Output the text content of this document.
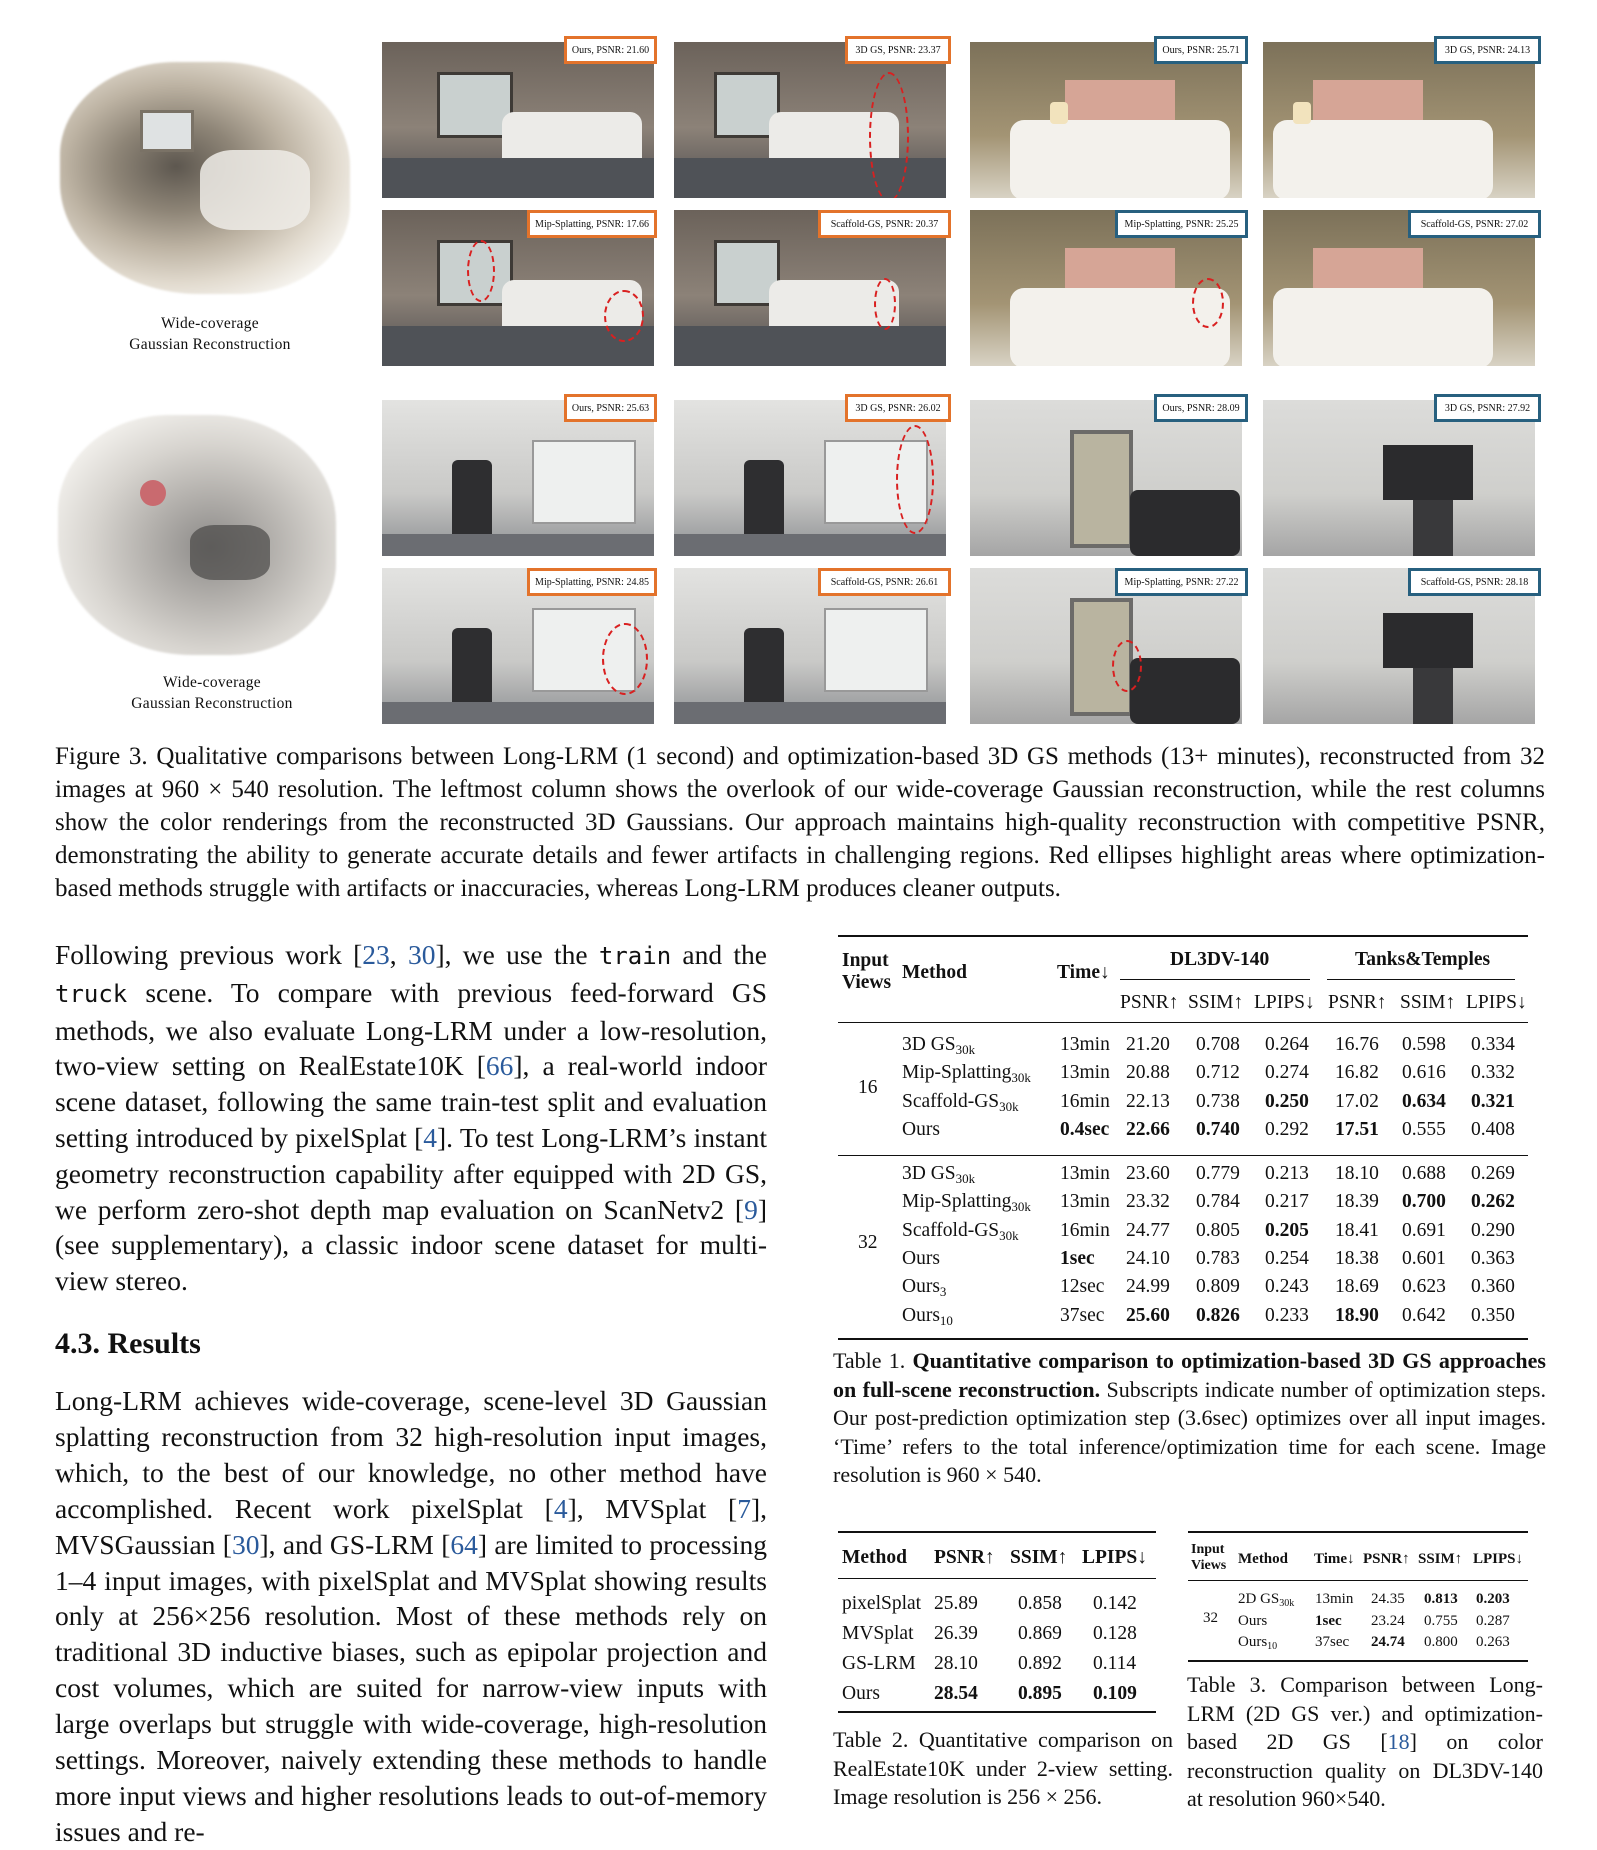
Wide-coverage
Gaussian Reconstruction
Wide-coverage
Gaussian Reconstruction
Ours, PSNR: 21.60	3D GS, PSNR: 23.37	Ours, PSNR: 25.71	3D GS, PSNR: 24.13
Mip-Splatting, PSNR: 17.66	Scaffold-GS, PSNR: 20.37	Mip-Splatting, PSNR: 25.25	Scaffold-GS, PSNR: 27.02
Ours, PSNR: 25.63	3D GS, PSNR: 26.02	Ours, PSNR: 28.09	3D GS, PSNR: 27.92
Mip-Splatting, PSNR: 24.85	Scaffold-GS, PSNR: 26.61	Mip-Splatting, PSNR: 27.22	Scaffold-GS, PSNR: 28.18
Figure 3. Qualitative comparisons between Long-LRM (1 second) and optimization-based 3D GS methods (13+ minutes), reconstructed from 32 images at 960 × 540 resolution. The leftmost column shows the overlook of our wide-coverage Gaussian reconstruction, while the rest columns show the color renderings from the reconstructed 3D Gaussians. Our approach maintains high-quality reconstruction with competitive PSNR, demonstrating the ability to generate accurate details and fewer artifacts in challenging regions. Red ellipses highlight areas where optimization-based methods struggle with artifacts or inaccuracies, whereas Long-LRM produces cleaner outputs.

Following previous work [23, 30], we use the train and the truck scene. To compare with previous feed-forward GS methods, we also evaluate Long-LRM under a low-resolution, two-view setting on RealEstate10K [66], a real-world indoor scene dataset, following the same train-test split and evaluation setting introduced by pixelSplat [4]. To test Long-LRM’s instant geometry reconstruction capability after equipped with 2D GS, we perform zero-shot depth map evaluation on ScanNetv2 [9] (see supplementary), a classic indoor scene dataset for multi-view stereo.

4.3. Results

Long-LRM achieves wide-coverage, scene-level 3D Gaussian splatting reconstruction from 32 high-resolution input images, which, to the best of our knowledge, no other method have accomplished. Recent work pixelSplat [4], MVSplat [7], MVSGaussian [30], and GS-LRM [64] are limited to processing 1–4 input images, with pixelSplat and MVSplat showing results only at 256×256 resolution. Most of these methods rely on traditional 3D inductive biases, such as epipolar projection and cost volumes, which are suited for narrow-view inputs with large overlaps but struggle with wide-coverage, high-resolution settings. Moreover, naively extending these methods to handle more input views and higher resolutions leads to out-of-memory issues and re-

Input
Views Method	Time↓
DL3DV-140	Tanks&Temples
PSNR↑ SSIM↑ LPIPS↓ PSNR↑ SSIM↑ LPIPS↓
16
3D $GS_{30k}$	13min 21.20 0.708 0.264 16.76 0.598 0.334
Mip-Splatting$_{30k}$ 13min 20.88 0.712 0.274 16.82 0.616 0.332
Scaffold-$GS_{30k}$ 16min 22.13 0.738 0.250 17.02 0.634 0.321
Ours	0.4sec 22.66 0.740 0.292 17.51 0.555 0.408
32
3D $GS_{30k}$	13min 23.60 0.779 0.213 18.10 0.688 0.269
Mip-Splatting$_{30k}$ 13min 23.32 0.784 0.217 18.39 0.700 0.262
Scaffold-$GS_{30k}$ 16min 24.77 0.805 0.205 18.41 0.691 0.290
Ours	1sec 24.10 0.783 0.254 18.38 0.601 0.363
Ours$_3$	12sec 24.99 0.809 0.243 18.69 0.623 0.360
Ours$_{10}$	37sec 25.60 0.826 0.233 18.90 0.642 0.350
Table 1. Quantitative comparison to optimization-based 3D GS approaches on full-scene reconstruction. Subscripts indicate number of optimization steps. Our post-prediction optimization step (3.6sec) optimizes over all input images. ‘Time’ refers to the total inference/optimization time for each scene. Image resolution is 960 × 540.
Method PSNR↑ SSIM↑ LPIPS↓
pixelSplat 25.89 0.858 0.142
MVSplat 26.39 0.869 0.128
GS-LRM 28.10 0.892 0.114
Ours	28.54 0.895 0.109
Table 2. Quantitative comparison on RealEstate10K under 2-view setting. Image resolution is 256 × 256.
Input
Views Method Time↓ PSNR↑ SSIM↑ LPIPS↓
32
2D $GS_{30k}$ 13min 24.35 0.813 0.203
Ours	1sec 23.24 0.755 0.287
Ours$_{10}$	37sec 24.74 0.800 0.263
Table 3. Comparison between Long-LRM (2D GS ver.) and optimization-based 2D GS [18] on color reconstruction quality on DL3DV-140 at resolution 960×540.
